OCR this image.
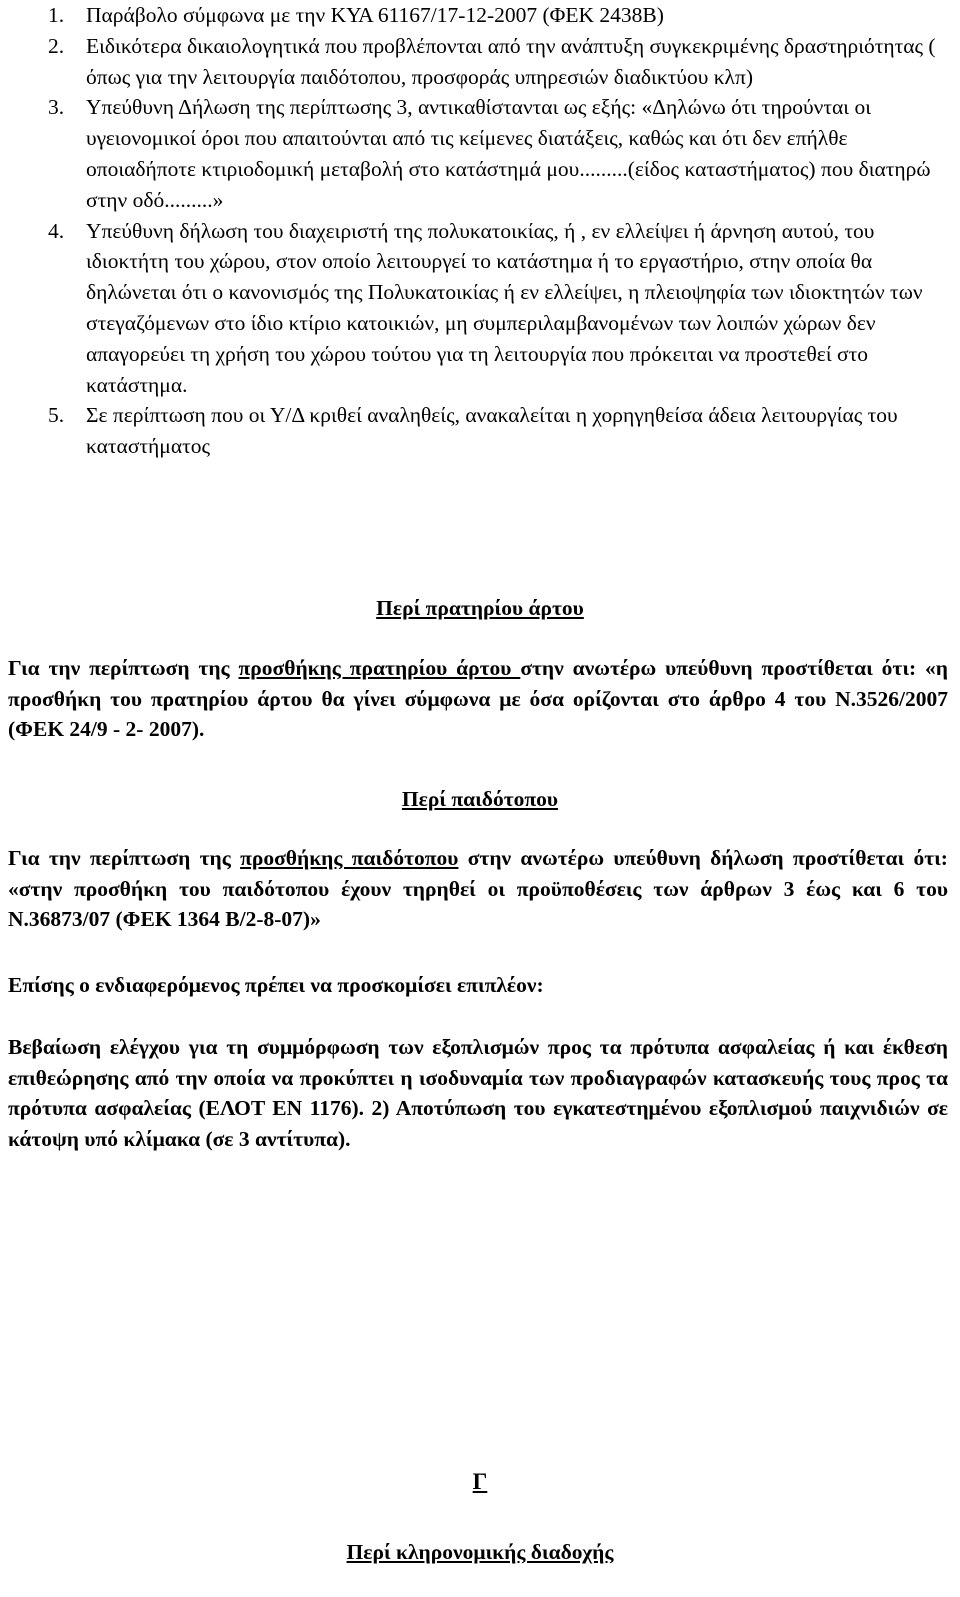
1. Παράβολο σύμφωνα με την ΚΥΑ 61167/17-12-2007 (ΦΕΚ 2438Β)
2. Ειδικότερα δικαιολογητικά που προβλέπονται από την ανάπτυξη συγκεκριμένης δραστηριότητας ( όπως για την λειτουργία παιδότοπου, προσφοράς υπηρεσιών διαδικτύου κλπ)
3. Υπεύθυνη Δήλωση της περίπτωσης 3, αντικαθίστανται ως εξής: «Δηλώνω ότι τηρούνται οι υγειονομικοί όροι που απαιτούνται από τις κείμενες διατάξεις, καθώς και ότι δεν επήλθε οποιαδήποτε κτιριοδομική μεταβολή στο κατάστημά μου.........(είδος καταστήματος) που διατηρώ στην οδό.........»
4. Υπεύθυνη δήλωση του διαχειριστή της πολυκατοικίας, ή , εν ελλείψει ή άρνηση αυτού, του ιδιοκτήτη του χώρου, στον οποίο λειτουργεί το κατάστημα ή το εργαστήριο, στην οποία θα δηλώνεται ότι ο κανονισμός της Πολυκατοικίας ή εν ελλείψει, η πλειοψηφία των ιδιοκτητών των στεγαζόμενων στο ίδιο κτίριο κατοικιών, μη συμπεριλαμβανομένων των λοιπών χώρων δεν απαγορεύει τη χρήση του χώρου τούτου για τη λειτουργία που πρόκειται να προστεθεί στο κατάστημα.
5. Σε περίπτωση που οι Υ/Δ κριθεί αναληθείς, ανακαλείται η χορηγηθείσα άδεια λειτουργίας του καταστήματος
Περί πρατηρίου άρτου

Για την περίπτωση της προσθήκης πρατηρίου άρτου στην ανωτέρω υπεύθυνη προστίθεται ότι: «η προσθήκη του πρατηρίου άρτου θα γίνει σύμφωνα με όσα ορίζονται στο άρθρο 4 του Ν.3526/2007 (ΦΕΚ 24/9 - 2- 2007).

Περί παιδότοπου

Για την περίπτωση της προσθήκης παιδότοπου στην ανωτέρω υπεύθυνη δήλωση προστίθεται ότι: «στην προσθήκη του παιδότοπου έχουν τηρηθεί οι προϋποθέσεις των άρθρων 3 έως και 6 του Ν.36873/07 (ΦΕΚ 1364 Β/2-8-07)»

Επίσης ο ενδιαφερόμενος πρέπει να προσκομίσει επιπλέον:

Βεβαίωση ελέγχου για τη συμμόρφωση των εξοπλισμών προς τα πρότυπα ασφαλείας ή και έκθεση επιθεώρησης από την οποία να προκύπτει η ισοδυναμία των προδιαγραφών κατασκευής τους προς τα πρότυπα ασφαλείας (ΕΛΟΤ ΕΝ 1176). 2) Αποτύπωση του εγκατεστημένου εξοπλισμού παιχνιδιών σε κάτοψη υπό κλίμακα (σε 3 αντίτυπα).

Γ
Περί κληρονομικής διαδοχής
